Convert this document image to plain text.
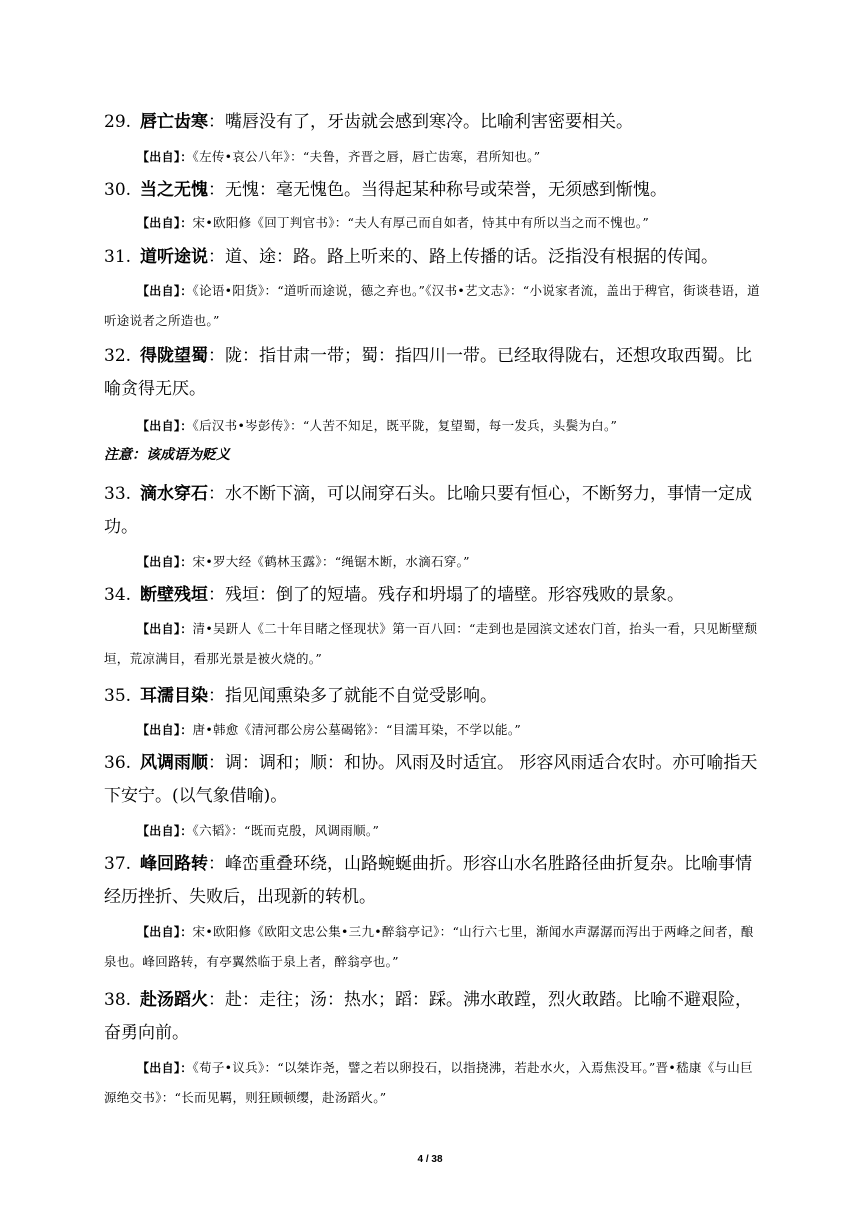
29. 唇亡齿寒：嘴唇没有了，牙齿就会感到寒冷。比喻利害密要相关。
【出自】：《左传•哀公八年》：“夫鲁，齐晋之唇，唇亡齿寒，君所知也。”
30. 当之无愧：无愧：毫无愧色。当得起某种称号或荣誉，无须感到惭愧。
【出自】：宋•欧阳修《回丁判官书》：“夫人有厚己而自如者，恃其中有所以当之而不愧也。”
31. 道听途说：道、途：路。路上听来的、路上传播的话。泛指没有根据的传闻。
【出自】：《论语•阳货》：“道听而途说，德之弃也。”《汉书•艺文志》：“小说家者流，盖出于稗官，街谈巷语，道听途说者之所造也。”
32. 得陇望蜀：陇：指甘肃一带；蜀：指四川一带。已经取得陇右，还想攻取西蜀。比喻贪得无厌。
【出自】：《后汉书•岑彭传》：“人苦不知足，既平陇，复望蜀，每一发兵，头鬓为白。”
注意：该成语为贬义
33. 滴水穿石：水不断下滴，可以闹穿石头。比喻只要有恒心，不断努力，事情一定成功。
【出自】：宋•罗大经《鹤林玉露》：“绳锯木断，水滴石穿。”
34. 断壁残垣：残垣：倒了的短墙。残存和坍塌了的墙壁。形容残败的景象。
【出自】：清•吴趼人《二十年目睹之怪现状》第一百八回：“走到也是园滨文述农门首，抬头一看，只见断壁颓垣，荒凉满目，看那光景是被火烧的。”
35. 耳濡目染：指见闻熏染多了就能不自觉受影响。
【出自】：唐•韩愈《清河郡公房公墓碣铭》：“目濡耳染，不学以能。”
36. 风调雨顺：调：调和；顺：和协。风雨及时适宜。 形容风雨适合农时。亦可喻指天下安宁。(以气象借喻)。
【出自】：《六韬》：“既而克殷，风调雨顺。”
37. 峰回路转：峰峦重叠环绕，山路蜿蜒曲折。形容山水名胜路径曲折复杂。比喻事情经历挫折、失败后，出现新的转机。
【出自】：宋•欧阳修《欧阳文忠公集•三九•醉翁亭记》：“山行六七里，渐闻水声潺潺而泻出于两峰之间者，酿泉也。峰回路转，有亭翼然临于泉上者，醉翁亭也。”
38. 赴汤蹈火：赴：走往；汤：热水；蹈：踩。沸水敢蹚，烈火敢踏。比喻不避艰险，奋勇向前。
【出自】：《荀子•议兵》：“以桀诈尧，譬之若以卵投石，以指挠沸，若赴水火，入焉焦没耳。”晋•嵇康《与山巨源绝交书》：“长而见羁，则狂顾顿缨，赴汤蹈火。”
4 / 38
